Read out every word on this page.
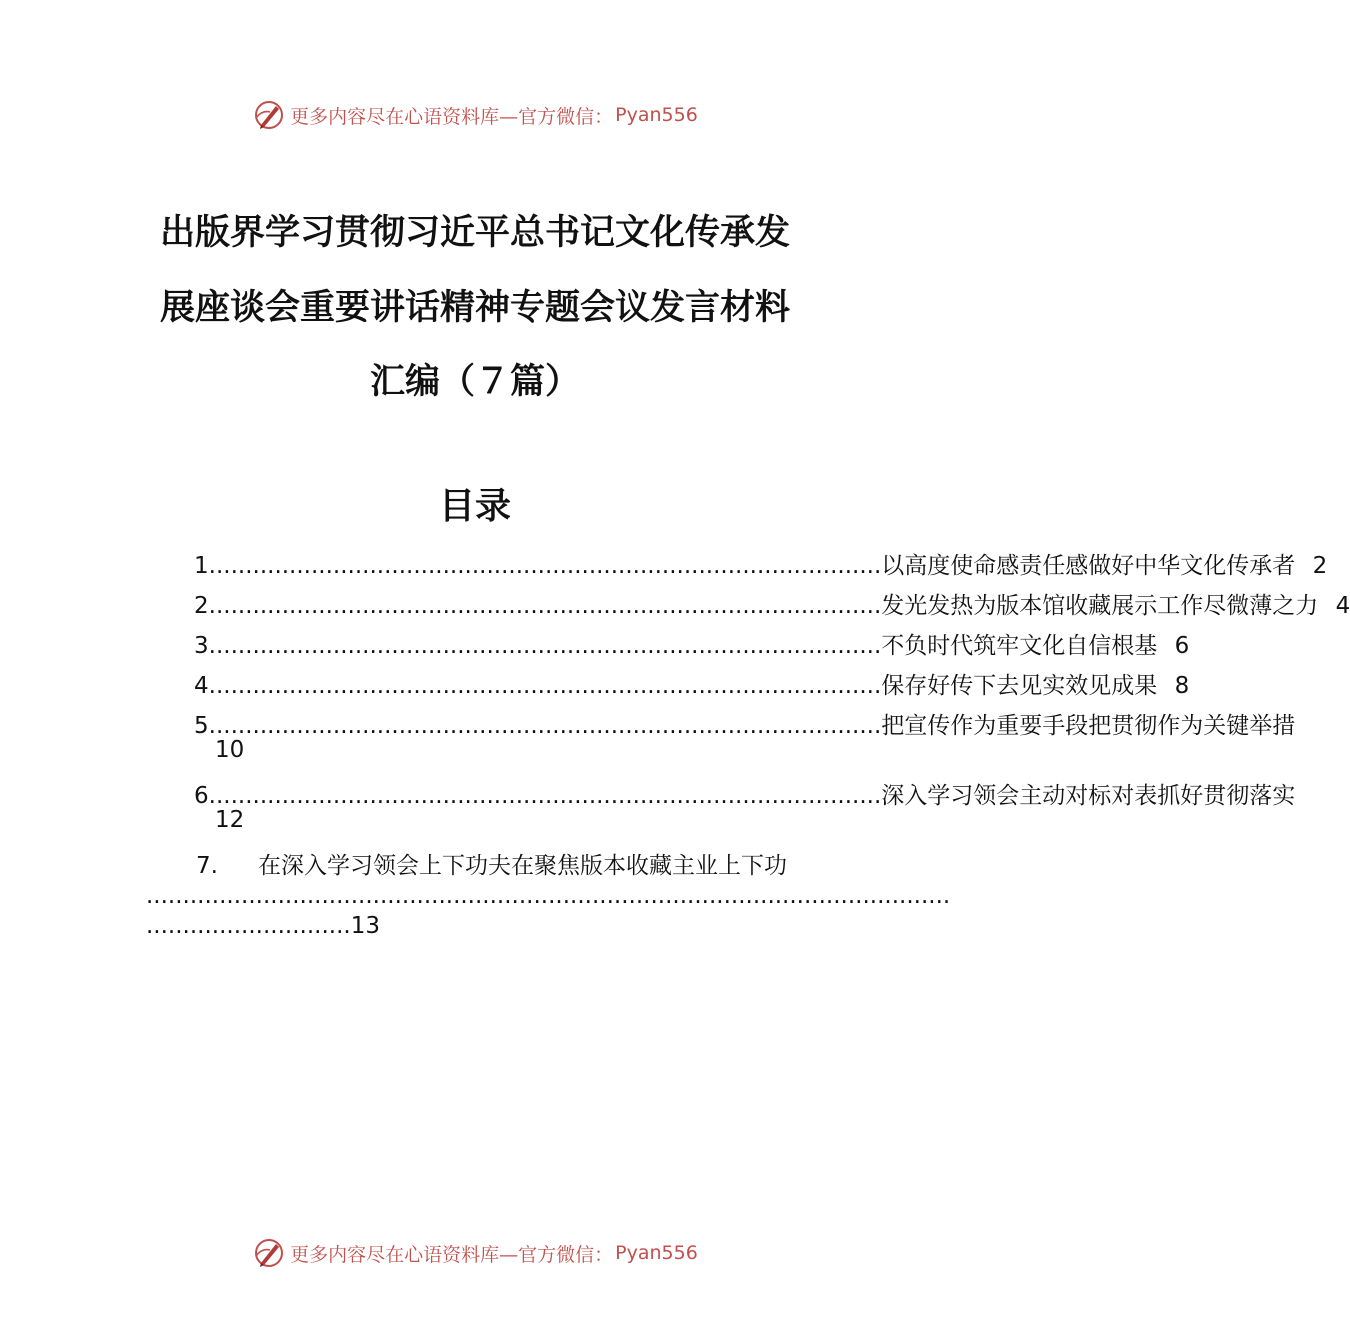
更多内容尽在心语资料库—官方微信： Pyan556
出版界学习贯彻习近平总书记文化传承发
展座谈会重要讲话精神专题会议发言材料
汇编（７篇）
目录
1 ............................................................................................ 以高度使命感责任感做好中华文化传承者 2
2 ............................................................................................ 发光发热为版本馆收藏展示工作尽微薄之力 4
3 ............................................................................................ 不负时代筑牢文化自信根基 6
4 ............................................................................................ 保存好传下去见实效见成果 8
5 ............................................................................................ 把宣传作为重要手段把贯彻作为关键举措
10
6 ............................................................................................ 深入学习领会主动对标对表抓好贯彻落实
12
7. 在深入学习领会上下功夫在聚焦版本收藏主业上下功
..............................................................................................................
............................13
更多内容尽在心语资料库—官方微信： Pyan556
